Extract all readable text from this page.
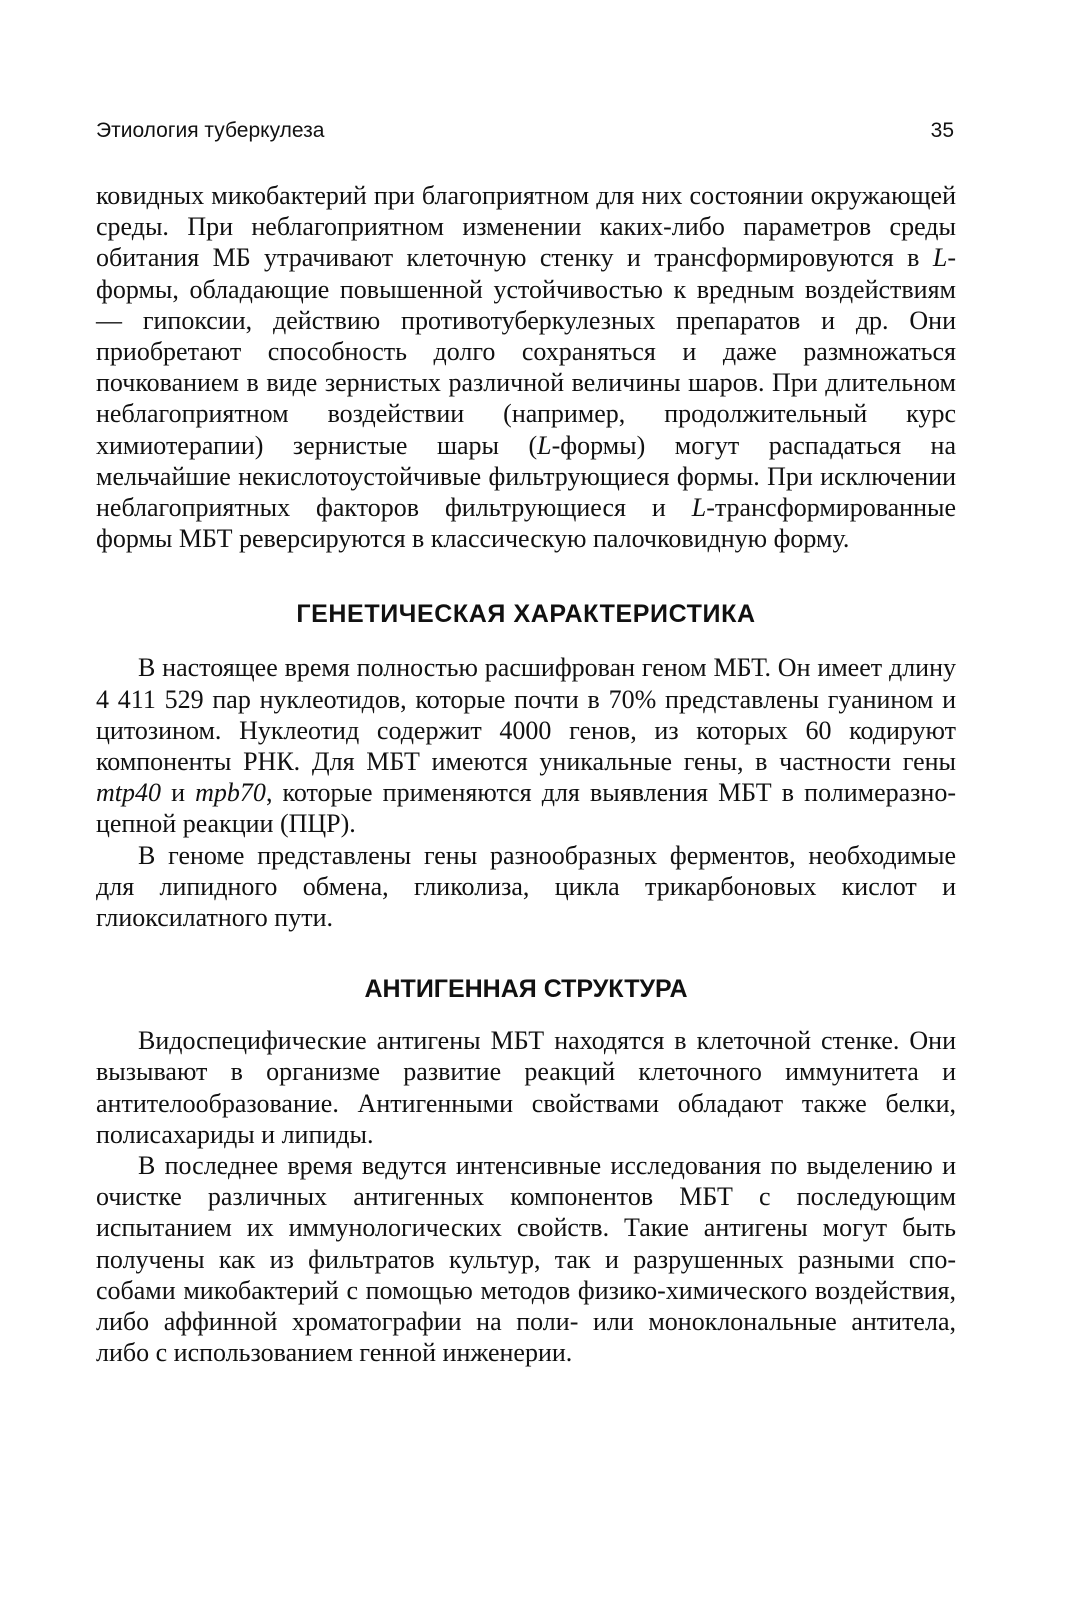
Этиология туберкулеза	35

ковидных микобактерий при благоприятном для них состоянии окружающей среды. При неблагоприятном изменении каких-либо параметров среды обитания МБ утрачивают клеточную стенку и трансформировуются в L-формы, обладающие повышенной устойчивостью к вредным воздействиям — гипоксии, действию противотуберкулезных препаратов и др. Они приобретают способность долго сохраняться и даже размножаться почкованием в виде зернистых различной величины шаров. При длительном неблагоприятном воздействии (например, продолжительный курс химиотерапии) зернистые шары (L-формы) могут распадаться на мельчайшие некислотоустойчивые фильтрующиеся формы. При исключении неблагоприятных факторов фильтрующиеся и L-трансформированные формы МБТ реверсируются в классическую палочковидную форму.

ГЕНЕТИЧЕСКАЯ ХАРАКТЕРИСТИКА

В настоящее время полностью расшифрован геном МБТ. Он имеет длину 4 411 529 пар нуклеотидов, которые почти в 70% представлены гуанином и цитозином. Нуклеотид содержит 4000 генов, из которых 60 кодируют компоненты РНК. Для МБТ имеются уникальные гены, в частности гены mtp40 и mpb70, которые применяются для выявления МБТ в полимеразно-цепной реакции (ПЦР).

В геноме представлены гены разнообразных ферментов, необходимые для липидного обмена, гликолиза, цикла трикарбоновых кислот и глиоксилатного пути.

АНТИГЕННАЯ СТРУКТУРА

Видоспецифические антигены МБТ находятся в клеточной стенке. Они вызывают в организме развитие реакций клеточного иммунитета и антителообразование. Антигенными свойствами обладают также белки, полисахариды и липиды.

В последнее время ведутся интенсивные исследования по выделению и очистке различных антигенных компонентов МБТ с последующим испытанием их иммунологических свойств. Такие антигены могут быть получены как из фильтратов культур, так и разрушенных разными способами микобактерий с помощью методов физико-химического воздействия, либо аффинной хроматографии на поли- или моноклональные антитела, либо с использованием генной инженерии.
